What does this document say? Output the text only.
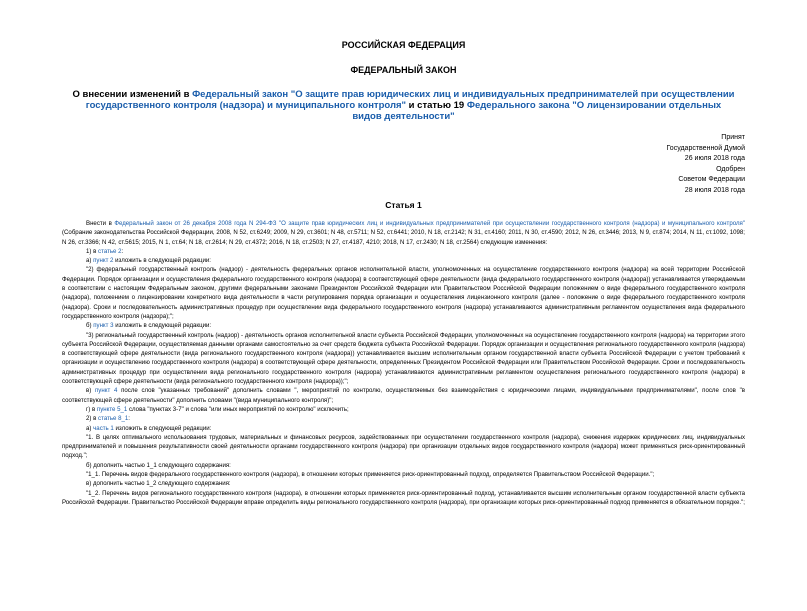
РОССИЙСКАЯ ФЕДЕРАЦИЯ
ФЕДЕРАЛЬНЫЙ ЗАКОН
О внесении изменений в Федеральный закон "О защите прав юридических лиц и индивидуальных предпринимателей при осуществлении государственного контроля (надзора) и муниципального контроля" и статью 19 Федерального закона "О лицензировании отдельных видов деятельности"
Принят
Государственной Думой
26 июля 2018 года
Одобрен
Советом Федерации
28 июля 2018 года
Статья 1

Внести в Федеральный закон от 26 декабря 2008 года N 294-ФЗ "О защите прав юридических лиц и индивидуальных предпринимателей при осуществлении государственного контроля (надзора) и муниципального контроля" (Собрание законодательства Российской Федерации, 2008, N 52, ст.6249; 2009, N 29, ст.3601; N 48, ст.5711; N 52, ст.6441; 2010, N 18, ст.2142; N 31, ст.4160; 2011, N 30, ст.4590; 2012, N 26, ст.3446; 2013, N 9, ст.874; 2014, N 11, ст.1092, 1098; N 26, ст.3366; N 42, ст.5615; 2015, N 1, ст.64; N 18, ст.2614; N 29, ст.4372; 2016, N 18, ст.2503; N 27, ст.4187, 4210; 2018, N 17, ст.2430; N 18, ст.2564) следующие изменения:

1) в статье 2:

а) пункт 2 изложить в следующей редакции:

"2) федеральный государственный контроль (надзор) - деятельность федеральных органов исполнительной власти, уполномоченных на осуществление государственного контроля (надзора) на всей территории Российской Федерации. Порядок организации и осуществления федерального государственного контроля (надзора) в соответствующей сфере деятельности (вида федерального государственного контроля (надзора)) устанавливается утверждаемым в соответствии с настоящим Федеральным законом, другими федеральными законами Президентом Российской Федерации или Правительством Российской Федерации положением о виде федерального государственного контроля (надзора), положением о лицензировании конкретного вида деятельности в части регулирования порядка организации и осуществления лицензионного контроля (далее - положение о виде федерального государственного контроля (надзора). Сроки и последовательность административных процедур при осуществлении вида федерального государственного контроля (надзора) устанавливаются административным регламентом осуществления вида федерального государственного контроля (надзора);";

б) пункт 3 изложить в следующей редакции:

"3) региональный государственный контроль (надзор) - деятельность органов исполнительной власти субъекта Российской Федерации, уполномоченных на осуществление государственного контроля (надзора) на территории этого субъекта Российской Федерации, осуществляемая данными органами самостоятельно за счет средств бюджета субъекта Российской Федерации. Порядок организации и осуществления регионального государственного контроля (надзора) в соответствующей сфере деятельности (вида регионального государственного контроля (надзора)) устанавливается высшим исполнительным органом государственной власти субъекта Российской Федерации с учетом требований к организации и осуществлению государственного контроля (надзора) в соответствующей сфере деятельности, определенных Президентом Российской Федерации или Правительством Российской Федерации. Сроки и последовательность административных процедур при осуществлении вида регионального государственного контроля (надзора) устанавливаются административным регламентом осуществления регионального государственного контроля (надзора) в соответствующей сфере деятельности (вида регионального государственного контроля (надзора));";

в) пункт 4 после слов "указанных требований" дополнить словами ", мероприятий по контролю, осуществляемых без взаимодействия с юридическими лицами, индивидуальными предпринимателями", после слов "в соответствующей сфере деятельности" дополнить словами "(вида муниципального контроля)";

г) в пункте 5_1 слова "пунктах 3-7" и слова "или иных мероприятий по контролю" исключить;

2) в статье 8_1:

а) часть 1 изложить в следующей редакции:

"1. В целях оптимального использования трудовых, материальных и финансовых ресурсов, задействованных при осуществлении государственного контроля (надзора), снижения издержек юридических лиц, индивидуальных предпринимателей и повышения результативности своей деятельности органами государственного контроля (надзора) при организации отдельных видов государственного контроля (надзора) может применяться риск-ориентированный подход.";

б) дополнить частью 1_1 следующего содержания:

"1_1. Перечень видов федерального государственного контроля (надзора), в отношении которых применяется риск-ориентированный подход, определяется Правительством Российской Федерации.";

в) дополнить частью 1_2 следующего содержания:

"1_2. Перечень видов регионального государственного контроля (надзора), в отношении которых применяется риск-ориентированный подход, устанавливается высшим исполнительным органом государственной власти субъекта Российской Федерации. Правительство Российской Федерации вправе определить виды регионального государственного контроля (надзора), при организации которых риск-ориентированный подход применяется в обязательном порядке.";
